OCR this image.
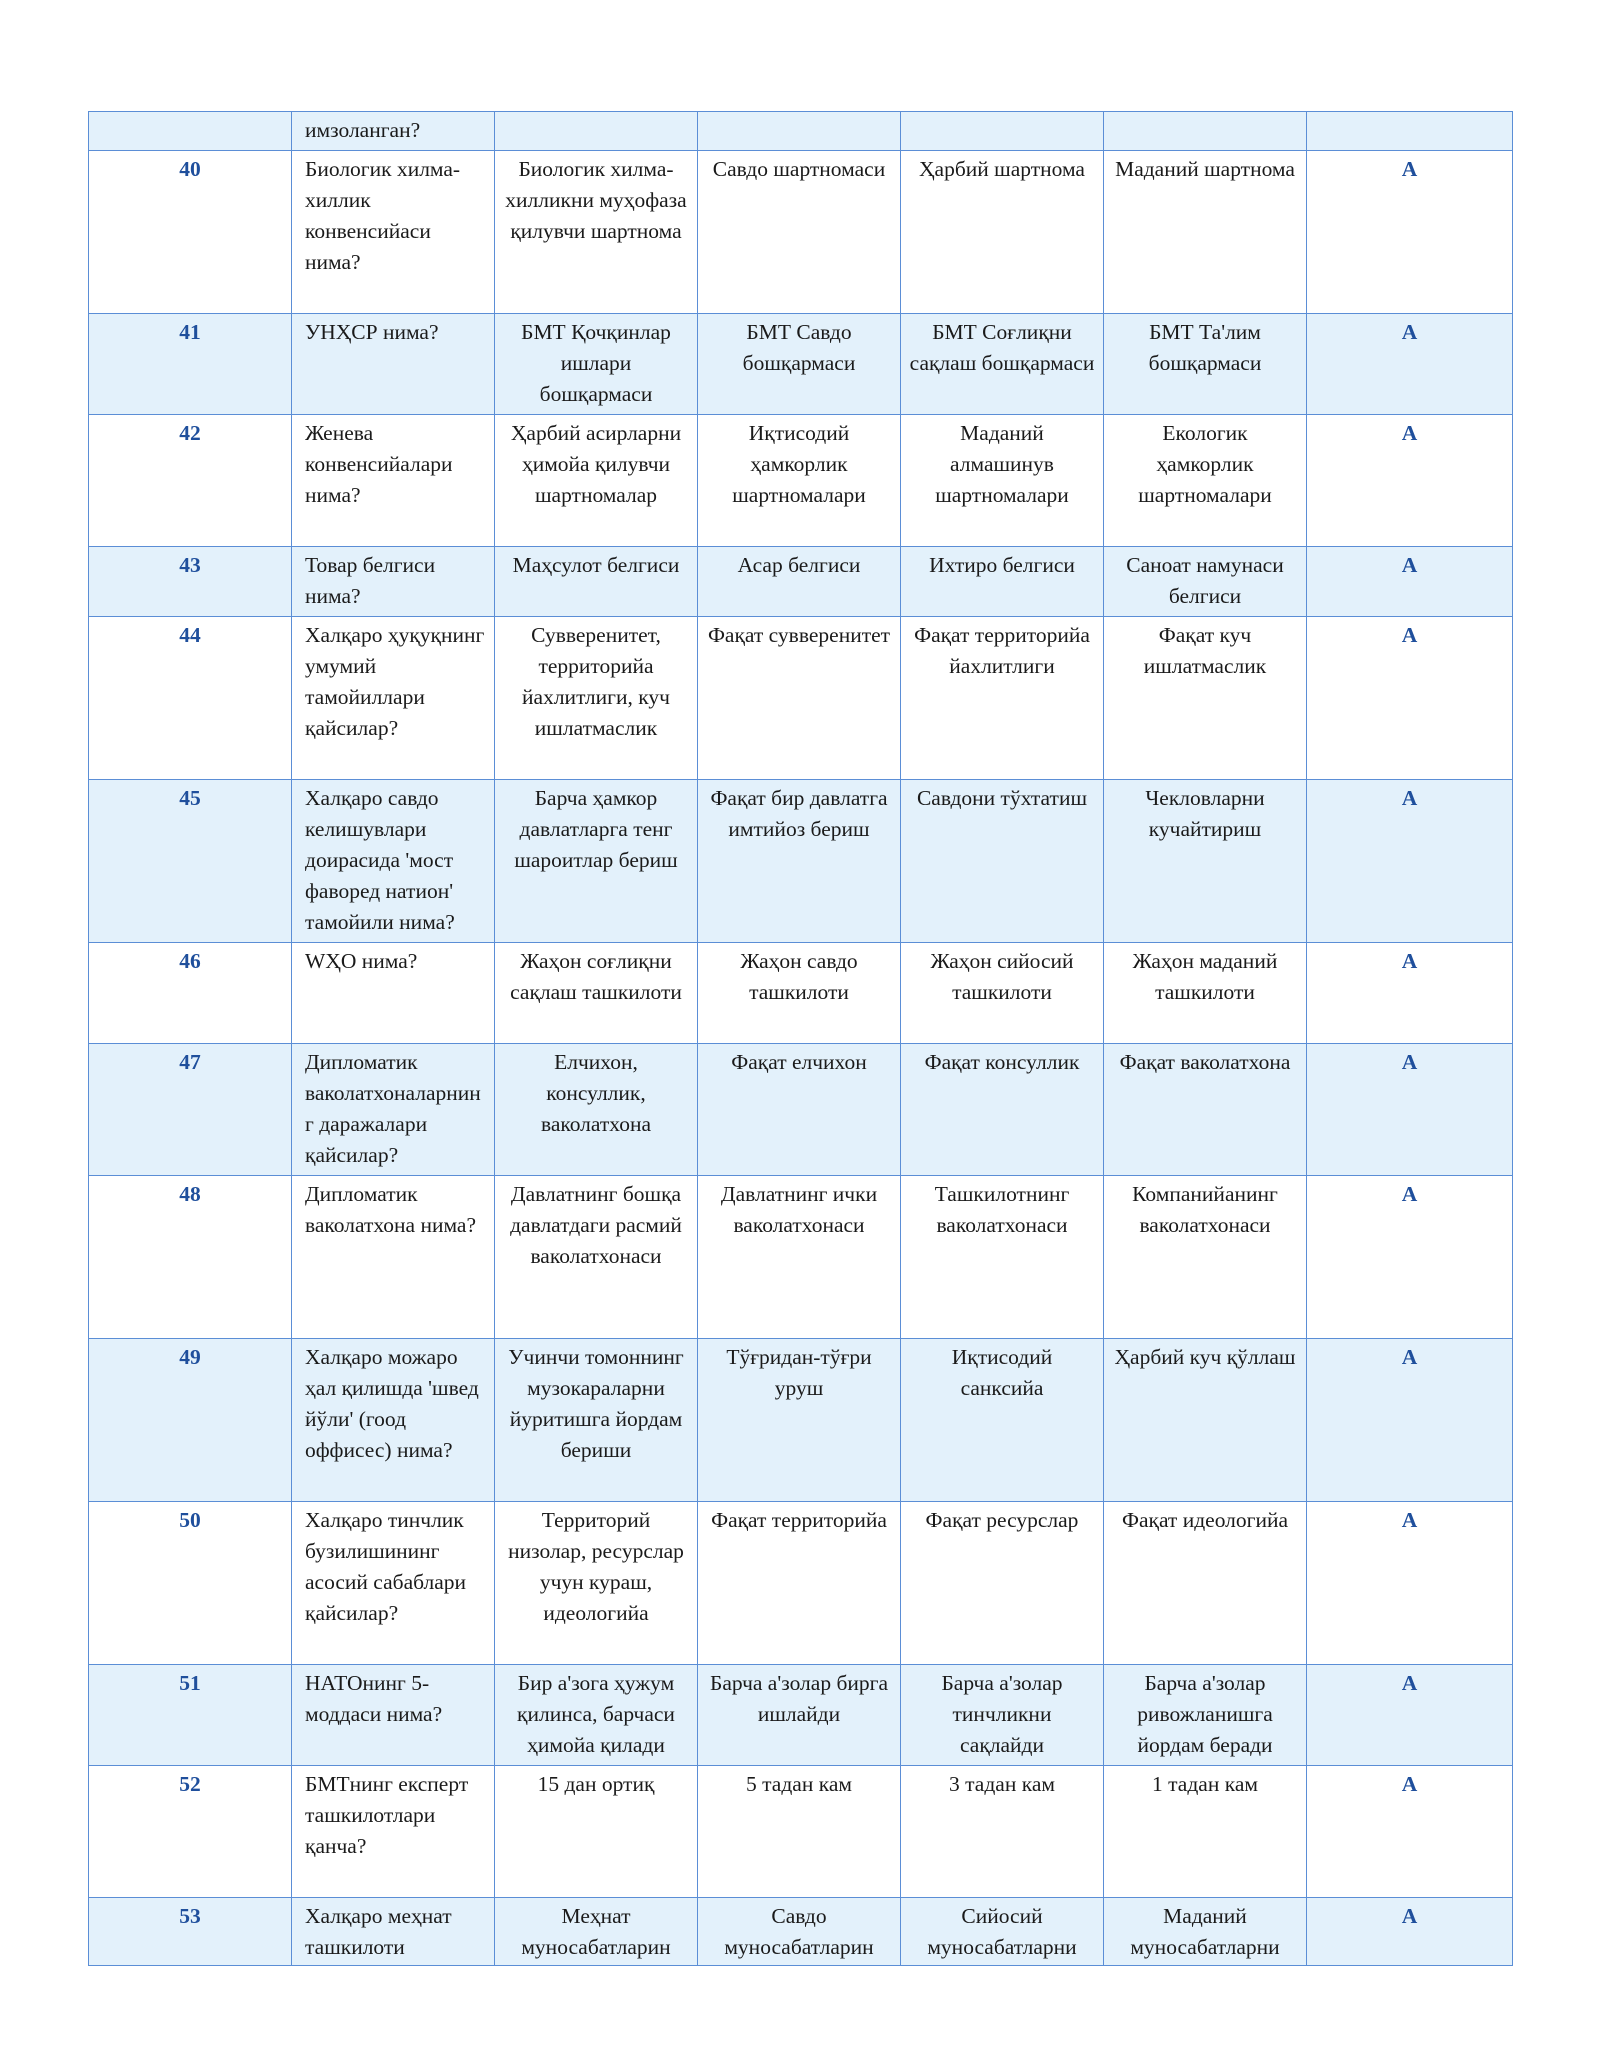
	имзоланган?					
40	Биологик хилма-хиллик конвенсийаси нима?	Биологик хилма-хилликни муҳофаза қилувчи шартнома	Савдо шартномаси	Ҳарбий шартнома	Маданий шартнома	A
41	УНҲСР нима?	БМТ Қочқинлар ишлари бошқармаси	БМТ Савдо бошқармаси	БМТ Соғлиқни сақлаш бошқармаси	БМТ Та'лим бошқармаси	A
42	Женева конвенсийалари нима?	Ҳарбий асирларни ҳимойа қилувчи шартномалар	Иқтисодий ҳамкорлик шартномалари	Маданий алмашинув шартномалари	Екологик ҳамкорлик шартномалари	A
43	Товар белгиси нима?	Маҳсулот белгиси	Асар белгиси	Ихтиро белгиси	Саноат намунаси белгиси	A
44	Халқаро ҳуқуқнинг умумий тамойиллари қайсилар?	Суввеpенитет, территорийа йахлитлиги, куч ишлатмаслик	Фақат суввеpенитет	Фақат территорийа йахлитлиги	Фақат куч ишлатмаслик	A
45	Халқаро савдо келишувлари доирасида 'мост фаворед натион' тамойили нима?	Барча ҳамкор давлатларга тенг шароитлар бериш	Фақат бир давлатга имтийоз бериш	Савдони тўхтатиш	Чекловларни кучайтириш	A
46	WҲО нима?	Жаҳон соғлиқни сақлаш ташкилоти	Жаҳон савдо ташкилоти	Жаҳон сийосий ташкилоти	Жаҳон маданий ташкилоти	A
47	Дипломатик ваколатхоналарнинг даражалари қайсилар?	Елчихон, консуллик, ваколатхона	Фақат елчихон	Фақат консуллик	Фақат ваколатхона	A
48	Дипломатик ваколатхона нима?	Давлатнинг бошқа давлатдаги расмий ваколатхонаси	Давлатнинг ички ваколатхонаси	Ташкилотнинг ваколатхонаси	Компанийанинг ваколатхонаси	A
49	Халқаро можаро ҳал қилишда 'швед йўли' (гоод оффисес) нима?	Учинчи томоннинг музокараларни йуритишга йордам бериши	Тўғридан-тўғри уруш	Иқтисодий санксийа	Ҳарбий куч қўллаш	A
50	Халқаро тинчлик бузилишининг асосий сабаблари қайсилар?	Территорий низолар, ресурслар учун кураш, идеологийа	Фақат территорийа	Фақат ресурслар	Фақат идеологийа	A
51	НАТОнинг 5-моддаси нима?	Бир а'зога ҳужум қилинса, барчаси ҳимойа қилади	Барча а'золар бирга ишлайди	Барча а'золар тинчликни сақлайди	Барча а'золар ривожланишга йордам беради	A
52	БМТнинг експерт ташкилотлари қанча?	15 дан ортиқ	5 тадан кам	3 тадан кам	1 тадан кам	A
53	Халқаро меҳнат ташкилоти	Меҳнат муносабатларин	Савдо муносабатларин	Сийосий муносабатларни	Маданий муносабатларни	A
